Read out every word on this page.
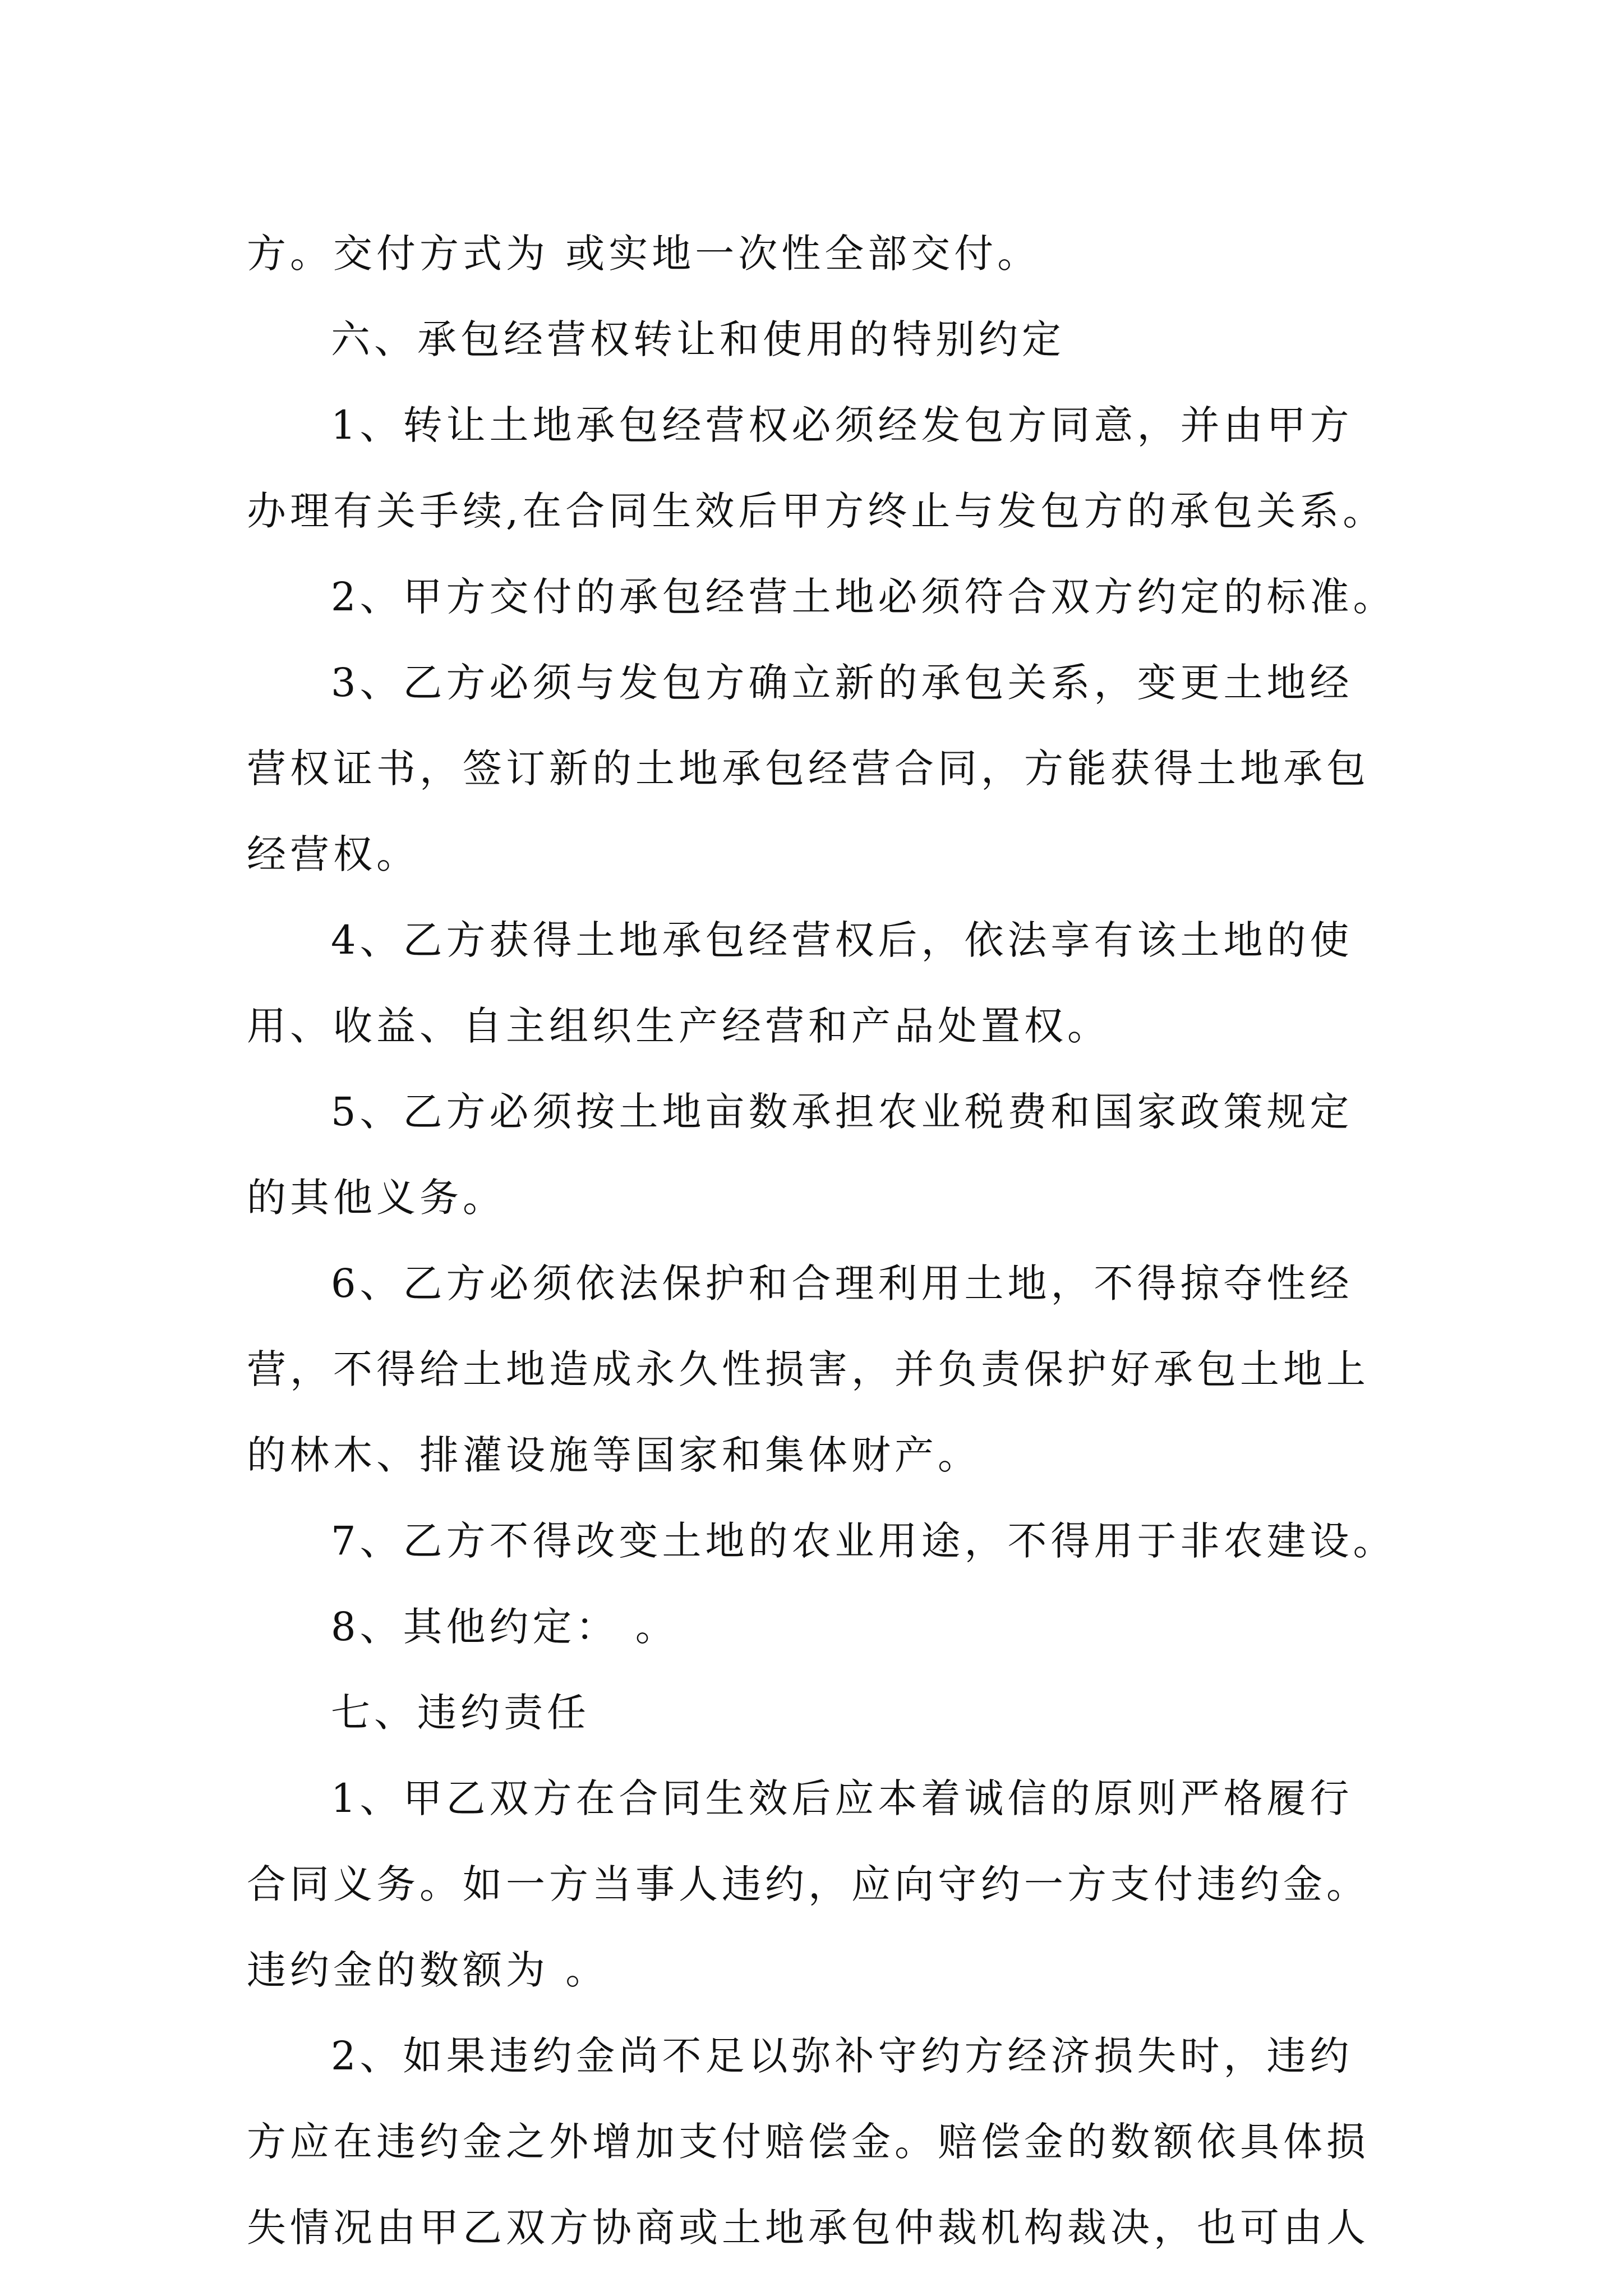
方。交付方式为 或实地一次性全部交付。
六、承包经营权转让和使用的特别约定
1、转让土地承包经营权必须经发包方同意，并由甲方
办理有关手续,在合同生效后甲方终止与发包方的承包关系。
2、甲方交付的承包经营土地必须符合双方约定的标准。
3、乙方必须与发包方确立新的承包关系，变更土地经
营权证书，签订新的土地承包经营合同，方能获得土地承包
经营权。
4、乙方获得土地承包经营权后，依法享有该土地的使
用、收益、自主组织生产经营和产品处置权。
5、乙方必须按土地亩数承担农业税费和国家政策规定
的其他义务。
6、乙方必须依法保护和合理利用土地，不得掠夺性经
营，不得给土地造成永久性损害，并负责保护好承包土地上
的林木、排灌设施等国家和集体财产。
7、乙方不得改变土地的农业用途，不得用于非农建设。
8、其他约定： 。
七、违约责任
1、甲乙双方在合同生效后应本着诚信的原则严格履行
合同义务。如一方当事人违约，应向守约一方支付违约金。
违约金的数额为 。
2、如果违约金尚不足以弥补守约方经济损失时，违约
方应在违约金之外增加支付赔偿金。赔偿金的数额依具体损
失情况由甲乙双方协商或土地承包仲裁机构裁决，也可由人
